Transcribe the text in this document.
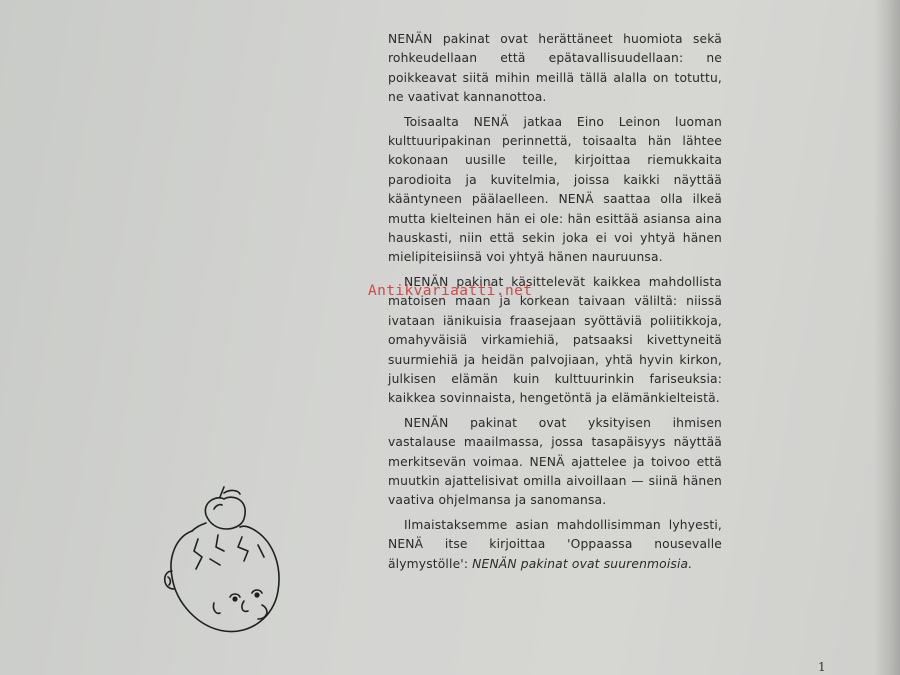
NENÄN pakinat ovat herättäneet huomiota sekä rohkeudellaan että epätavallisuudellaan: ne poikkeavat siitä mihin meillä tällä alalla on totuttu, ne vaativat kannanottoa.

Toisaalta NENÄ jatkaa Eino Leinon luoman kulttuuripakinan perinnettä, toisaalta hän lähtee kokonaan uusille teille, kirjoittaa riemukkaita parodioita ja kuvitelmia, joissa kaikki näyttää kääntyneen päälaelleen. NENÄ saattaa olla ilkeä mutta kielteinen hän ei ole: hän esittää asiansa aina hauskasti, niin että sekin joka ei voi yhtyä hänen mielipiteisiinsä voi yhtyä hänen nauruunsa.

NENÄN pakinat käsittelevät kaikkea mahdollista matoisen maan ja korkean taivaan väliltä: niissä ivataan iänikuisia fraasejaan syöttäviä poliitikkoja, omahyväisiä virkamiehiä, patsaaksi kivettyneitä suurmiehiä ja heidän palvojiaan, yhtä hyvin kirkon, julkisen elämän kuin kulttuurinkin fariseuksia: kaikkea sovinnaista, hengetöntä ja elämänkielteistä.

NENÄN pakinat ovat yksityisen ihmisen vastalause maailmassa, jossa tasapäisyys näyttää merkitsevän voimaa. NENÄ ajattelee ja toivoo että muutkin ajattelisivat omilla aivoillaan — siinä hänen vaativa ohjelmansa ja sanomansa.

Ilmaistaksemme asian mahdollisimman lyhyesti, NENÄ itse kirjoittaa 'Oppaassa nousevalle älymystölle': NENÄN pakinat ovat suurenmoisia.

Antikvariaatti.net
1
